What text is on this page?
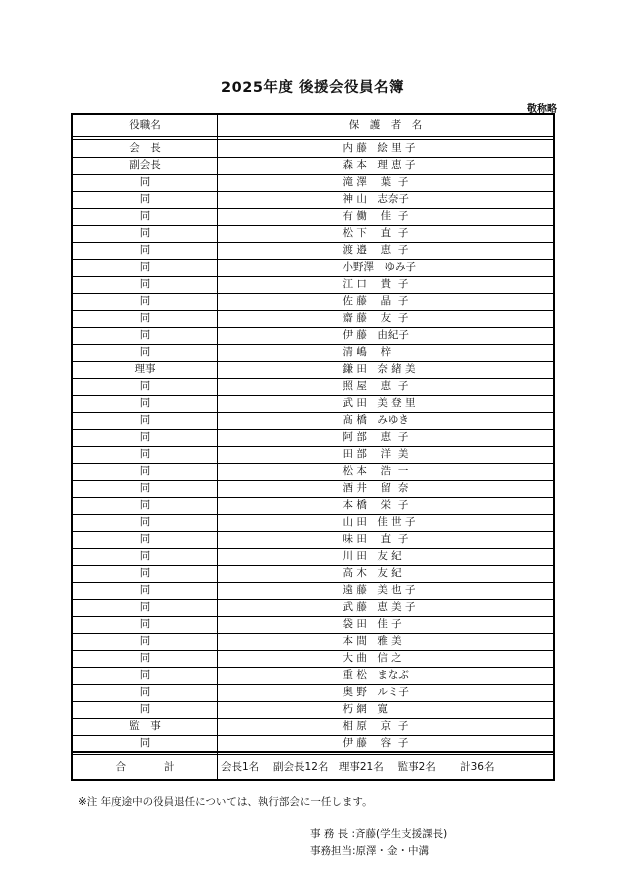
2025年度 後援会役員名簿
敬称略
役職名	保　護　者　名
会　長	内 藤　絵 里 子
副会長	森 本　理 恵 子
同	滝 澤　 葉  子
同	神 山　志奈子
同	有 働　 佳  子
同	松 下　 直  子
同	渡 邉　 恵  子
同	小野澤　ゆみ子
同	江 口　 貴  子
同	佐 藤　 晶  子
同	齋 藤　 友  子
同	伊 藤　由紀子
同	清 嶋　 梓
理事	鎌 田　奈 緒 美
同	照 屋　 恵  子
同	武 田　美 登 里
同	髙 橋　みゆき
同	阿 部　 恵  子
同	田 部　 洋  美
同	松 本　 浩  一
同	酒 井　 留  奈
同	本 橋　 栄  子
同	山 田　佳 世 子
同	味 田　 直  子
同	川 田　友 紀
同	高 木　友 紀
同	遠 藤　美 也 子
同	武 藤　恵 美 子
同	袋 田　佳 子
同	本 間　雅 美
同	大 曲　信 之
同	重 松　まなぶ
同	奥 野　ルミ子
同	朽 網　寛
監　事	相 原　 京  子
同	伊 藤　 容  子
合計 会長1名　 副会長12名　理事21名　 監事2名　　 計36名
※注 年度途中の役員退任については、執行部会に一任します。
事 務 長 :斉藤(学生支援課長)
事務担当:原澤・金・中溝
